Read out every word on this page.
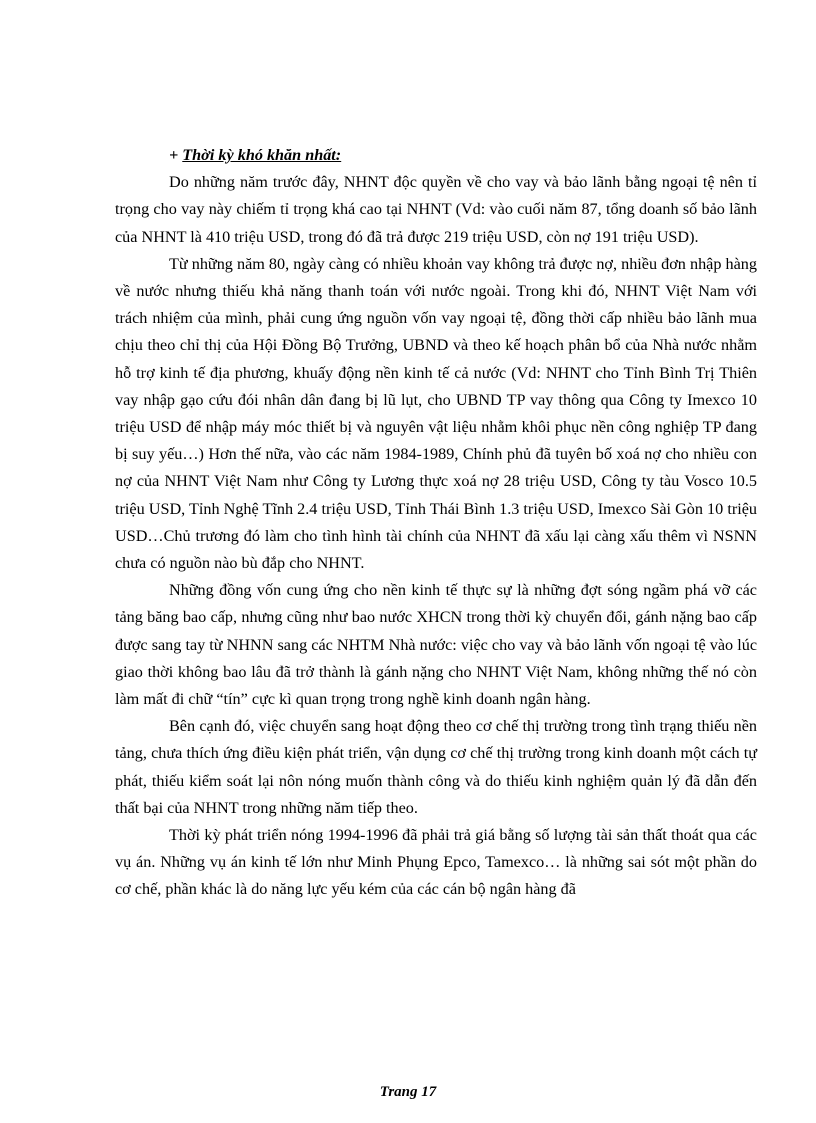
+ Thời kỳ khó khăn nhất:

Do những năm trước đây, NHNT độc quyền về cho vay và bảo lãnh bằng ngoại tệ nên tỉ trọng cho vay này chiếm tỉ trọng khá cao tại NHNT (Vd: vào cuối năm 87, tổng doanh số bảo lãnh của NHNT là 410 triệu USD, trong đó đã trả được 219 triệu USD, còn nợ 191 triệu USD).

Từ những năm 80, ngày càng có nhiều khoản vay không trả được nợ, nhiều đơn nhập hàng về nước nhưng thiếu khả năng thanh toán với nước ngoài. Trong khi đó, NHNT Việt Nam với trách nhiệm của mình, phải cung ứng nguồn vốn vay ngoại tệ, đồng thời cấp nhiều bảo lãnh mua chịu theo chỉ thị của Hội Đồng Bộ Trưởng, UBND và theo kế hoạch phân bổ của Nhà nước nhằm hỗ trợ kinh tế địa phương, khuấy động nền kinh tế cả nước (Vd: NHNT cho Tỉnh Bình Trị Thiên vay nhập gạo cứu đói nhân dân đang bị lũ lụt, cho UBND TP vay thông qua Công ty Imexco 10 triệu USD để nhập máy móc thiết bị và nguyên vật liệu nhằm khôi phục nền công nghiệp TP đang bị suy yếu…) Hơn thế nữa, vào các năm 1984-1989, Chính phủ đã tuyên bố xoá nợ cho nhiều con nợ của NHNT Việt Nam như Công ty Lương thực xoá nợ 28 triệu USD, Công ty tàu Vosco 10.5 triệu USD, Tỉnh Nghệ Tĩnh 2.4 triệu USD, Tỉnh Thái Bình 1.3 triệu USD, Imexco Sài Gòn 10 triệu USD…Chủ trương đó làm cho tình hình tài chính của NHNT đã xấu lại càng xấu thêm vì NSNN chưa có nguồn nào bù đắp cho NHNT.

Những đồng vốn cung ứng cho nền kinh tế thực sự là những đợt sóng ngầm phá vỡ các tảng băng bao cấp, nhưng cũng như bao nước XHCN trong thời kỳ chuyển đổi, gánh nặng bao cấp được sang tay từ NHNN sang các NHTM Nhà nước: việc cho vay và bảo lãnh vốn ngoại tệ vào lúc giao thời không bao lâu đã trở thành là gánh nặng cho NHNT Việt Nam, không những thế nó còn làm mất đi chữ “tín” cực kì quan trọng trong nghề kinh doanh ngân hàng.

Bên cạnh đó, việc chuyển sang hoạt động theo cơ chế thị trường trong tình trạng thiếu nền tảng, chưa thích ứng điều kiện phát triển, vận dụng cơ chế thị trường trong kinh doanh một cách tự phát, thiếu kiểm soát lại nôn nóng muốn thành công và do thiếu kinh nghiệm quản lý đã dẫn đến thất bại của NHNT trong những năm tiếp theo.

Thời kỳ phát triển nóng 1994-1996 đã phải trả giá bằng số lượng tài sản thất thoát qua các vụ án. Những vụ án kinh tế lớn như Minh Phụng Epco, Tamexco… là những sai sót một phần do cơ chế, phần khác là do năng lực yếu kém của các cán bộ ngân hàng đã

Trang 17
